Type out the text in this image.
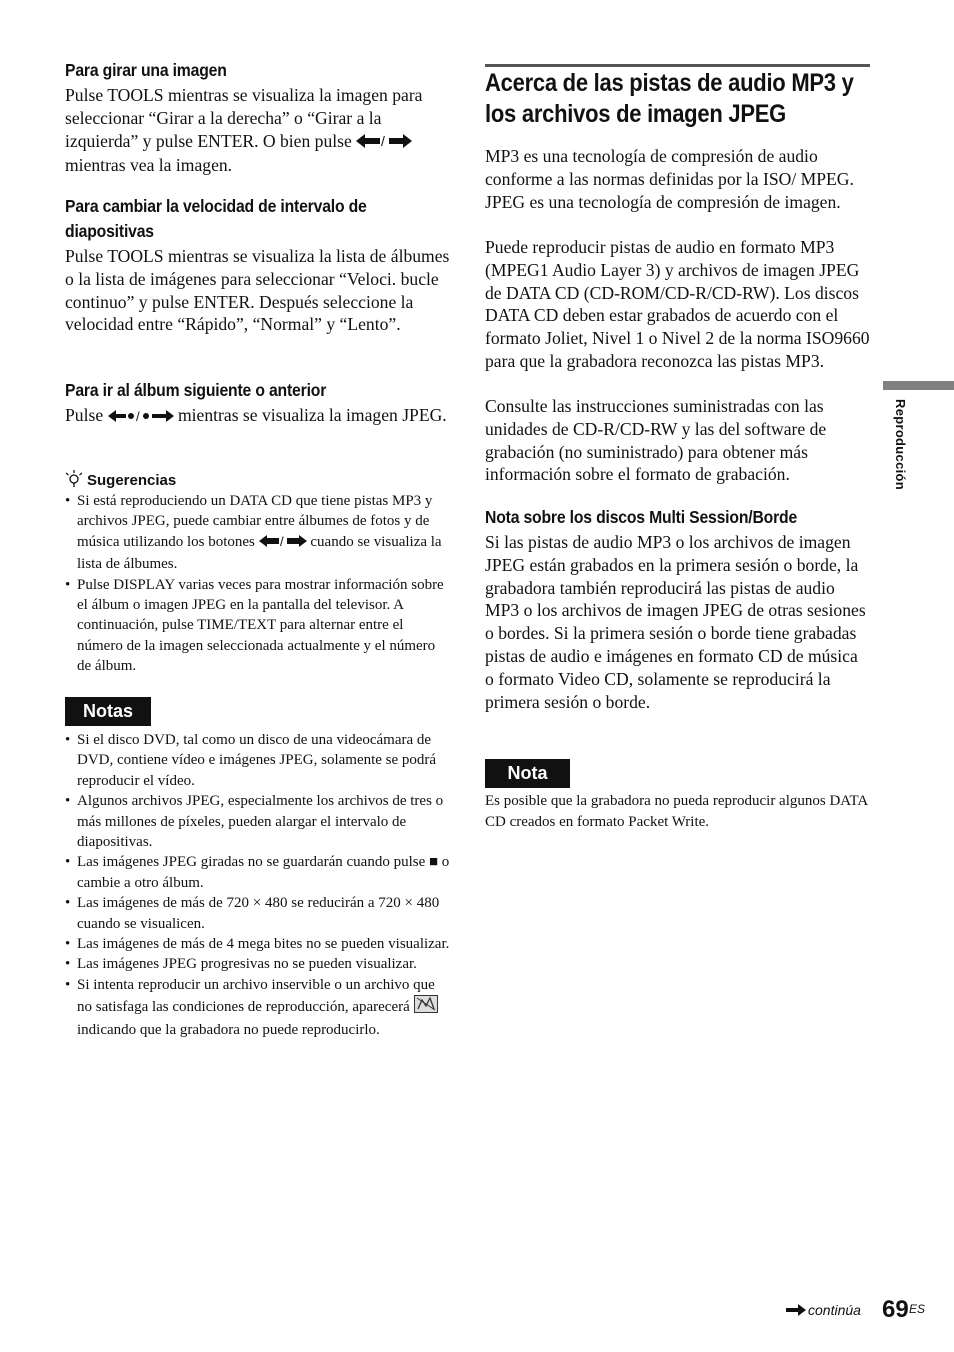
Para girar una imagen

Pulse TOOLS mientras se visualiza la imagen para seleccionar “Girar a la derecha” o “Girar a la izquierda” y pulse ENTER. O bien pulse /
mientras vea la imagen.

Para cambiar la velocidad de intervalo de diapositivas

Pulse TOOLS mientras se visualiza la lista de álbumes o la lista de imágenes para seleccionar “Veloci. bucle continuo” y pulse ENTER. Después seleccione la velocidad entre “Rápido”, “Normal” y “Lento”.

Para ir al álbum siguiente o anterior

Pulse / mientras se visualiza la imagen JPEG.

Sugerencias
• Si está reproduciendo un DATA CD que tiene pistas MP3 y archivos JPEG, puede cambiar entre álbumes de fotos y de música utilizando los botones / cuando se visualiza la lista de álbumes.
• Pulse DISPLAY varias veces para mostrar información sobre el álbum o imagen JPEG en la pantalla del televisor. A continuación, pulse TIME/TEXT para alternar entre el número de la imagen seleccionada actualmente y el número de álbum.
Notas
• Si el disco DVD, tal como un disco de una videocámara de DVD, contiene vídeo e imágenes JPEG, solamente se podrá reproducir el vídeo.
• Algunos archivos JPEG, especialmente los archivos de tres o más millones de píxeles, pueden alargar el intervalo de diapositivas.
• Las imágenes JPEG giradas no se guardarán cuando pulse ■ o cambie a otro álbum.
• Las imágenes de más de 720 × 480 se reducirán a 720 × 480 cuando se visualicen.
• Las imágenes de más de 4 mega bites no se pueden visualizar.
• Las imágenes JPEG progresivas no se pueden visualizar.
• Si intenta reproducir un archivo inservible o un archivo que no satisfaga las condiciones de reproducción, aparecerá  indicando que la grabadora no puede reproducirlo.
Acerca de las pistas de audio MP3 y los archivos de imagen JPEG

MP3 es una tecnología de compresión de audio conforme a las normas definidas por la ISO/ MPEG. JPEG es una tecnología de compresión de imagen.

Puede reproducir pistas de audio en formato MP3 (MPEG1 Audio Layer 3) y archivos de imagen JPEG de DATA CD (CD-ROM/CD-R/CD-RW). Los discos DATA CD deben estar grabados de acuerdo con el formato Joliet, Nivel 1 o Nivel 2 de la norma ISO9660 para que la grabadora reconozca las pistas MP3.

Consulte las instrucciones suministradas con las unidades de CD-R/CD-RW y las del software de grabación (no suministrado) para obtener más información sobre el formato de grabación.

Nota sobre los discos Multi Session/Borde

Si las pistas de audio MP3 o los archivos de imagen JPEG están grabados en la primera sesión o borde, la grabadora también reproducirá las pistas de audio MP3 o los archivos de imagen JPEG de otras sesiones o bordes. Si la primera sesión o borde tiene grabadas pistas de audio e imágenes en formato CD de música o formato Video CD, solamente se reproducirá la primera sesión o borde.

Nota

Es posible que la grabadora no pueda reproducir algunos DATA CD creados en formato Packet Write.

Reproducción
continúa 69 ES
